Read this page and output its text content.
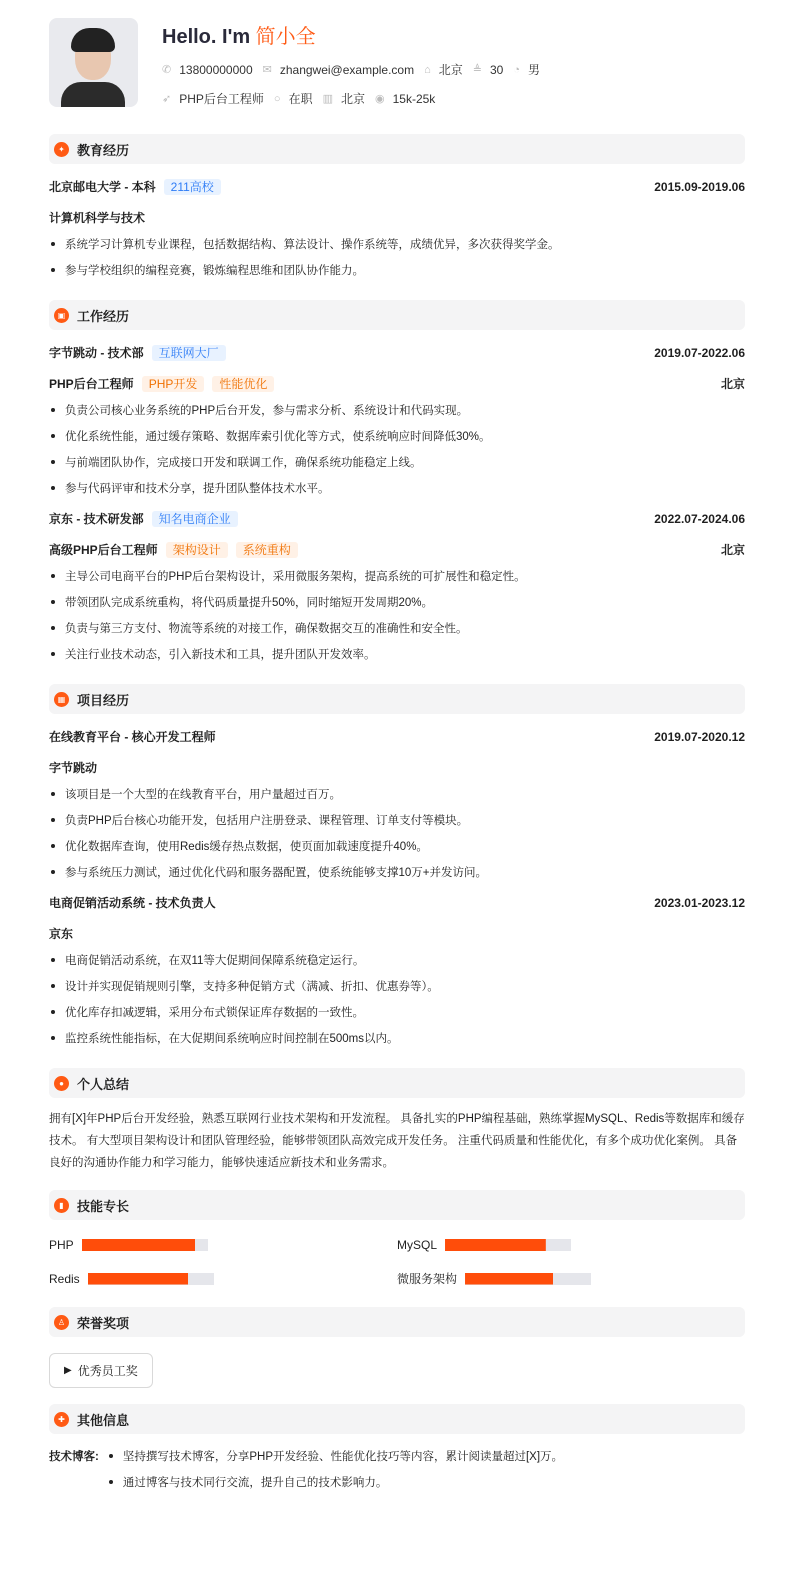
Hello. I'm 简小全
✆ 13800000000 ✉ zhangwei@example.com ⌂ 北京 ≜ 30 ◔ 男
➶ PHP后台工程师 ○ 在职 ▥ 北京 ◉ 15k-25k
✦ 教育经历
北京邮电大学 - 本科 211高校	2015.09-2019.06
计算机科学与技术
系统学习计算机专业课程，包括数据结构、算法设计、操作系统等，成绩优异，多次获得奖学金。
参与学校组织的编程竞赛，锻炼编程思维和团队协作能力。
▣ 工作经历
字节跳动 - 技术部 互联网大厂	2019.07-2022.06
PHP后台工程师 PHP开发 性能优化	北京
负责公司核心业务系统的PHP后台开发，参与需求分析、系统设计和代码实现。
优化系统性能，通过缓存策略、数据库索引优化等方式，使系统响应时间降低30%。
与前端团队协作，完成接口开发和联调工作，确保系统功能稳定上线。
参与代码评审和技术分享，提升团队整体技术水平。
京东 - 技术研发部 知名电商企业	2022.07-2024.06
高级PHP后台工程师 架构设计 系统重构	北京
主导公司电商平台的PHP后台架构设计，采用微服务架构，提高系统的可扩展性和稳定性。
带领团队完成系统重构，将代码质量提升50%，同时缩短开发周期20%。
负责与第三方支付、物流等系统的对接工作，确保数据交互的准确性和安全性。
关注行业技术动态，引入新技术和工具，提升团队开发效率。
▦ 项目经历
在线教育平台 - 核心开发工程师	2019.07-2020.12
字节跳动
该项目是一个大型的在线教育平台，用户量超过百万。
负责PHP后台核心功能开发，包括用户注册登录、课程管理、订单支付等模块。
优化数据库查询，使用Redis缓存热点数据，使页面加载速度提升40%。
参与系统压力测试，通过优化代码和服务器配置，使系统能够支撑10万+并发访问。
电商促销活动系统 - 技术负责人	2023.01-2023.12
京东
电商促销活动系统，在双11等大促期间保障系统稳定运行。
设计并实现促销规则引擎，支持多种促销方式（满减、折扣、优惠券等）。
优化库存扣减逻辑，采用分布式锁保证库存数据的一致性。
监控系统性能指标，在大促期间系统响应时间控制在500ms以内。
●	个人总结
拥有[X]年PHP后台开发经验，熟悉互联网行业技术架构和开发流程。 具备扎实的PHP编程基础，熟练掌握MySQL、Redis等数据库和缓存技术。 有大型项目架构设计和团队管理经验，能够带领团队高效完成开发任务。 注重代码质量和性能优化，有多个成功优化案例。 具备良好的沟通协作能力和学习能力，能够快速适应新技术和业务需求。
▮	技能专长
PHP	MySQL
Redis	微服务架构
♙ 荣誉奖项
▶ 优秀员工奖
✚ 其他信息
技术博客:	坚持撰写技术博客，分享PHP开发经验、性能优化技巧等内容，累计阅读量超过[X]万。
通过博客与技术同行交流，提升自己的技术影响力。
